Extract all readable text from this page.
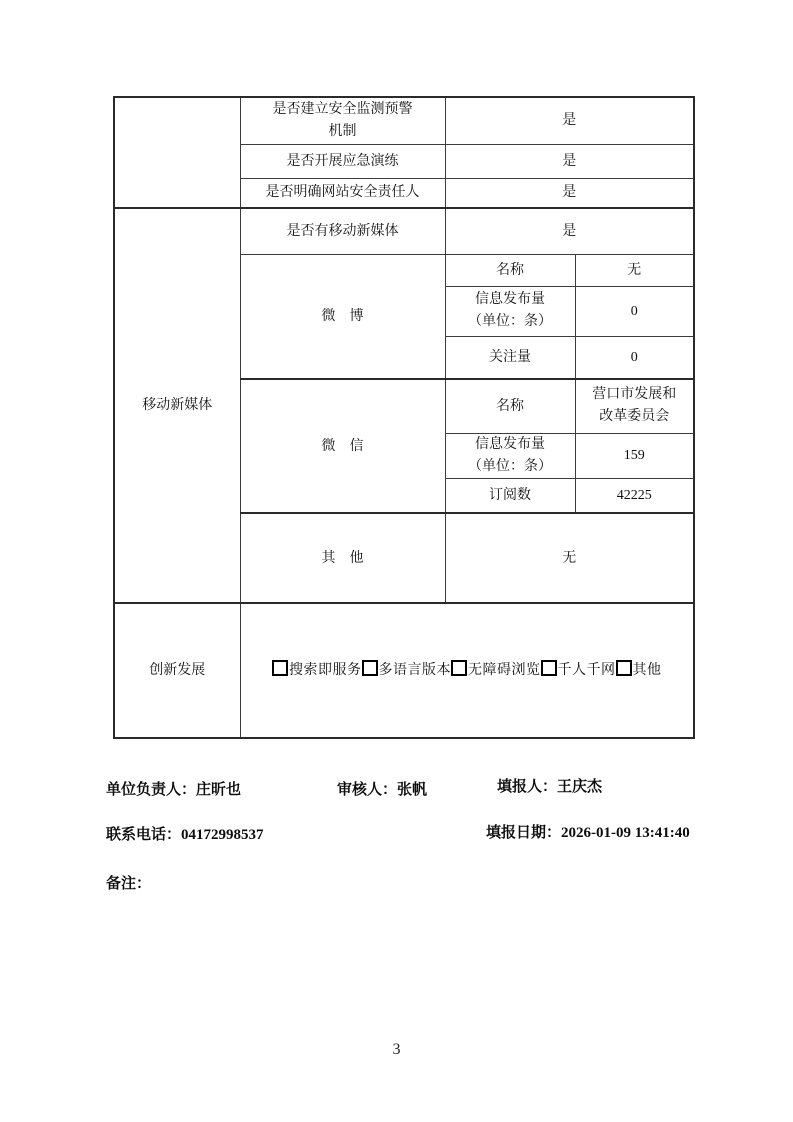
	是否建立安全监测预警
机制	是	
	是否开展应急演练	是	
	是否明确网站安全责任人	是	
移动新媒体	是否有移动新媒体	是	
	微　博	名称	无

		信息发布量
（单位：条）	0
		关注量	0
	微　信	名称	营口市发展和
改革委员会

		信息发布量
（单位：条）	159
		订阅数	42225
	其　他	无	
创新发展	搜索即服务 多语言版本 无障碍浏览 千人千网 其他		
单位负责人：庄昕也	审核人：张帆	填报人：王庆杰
联系电话：04172998537	填报日期：2026-01-09 13:41:40
备注：
3
